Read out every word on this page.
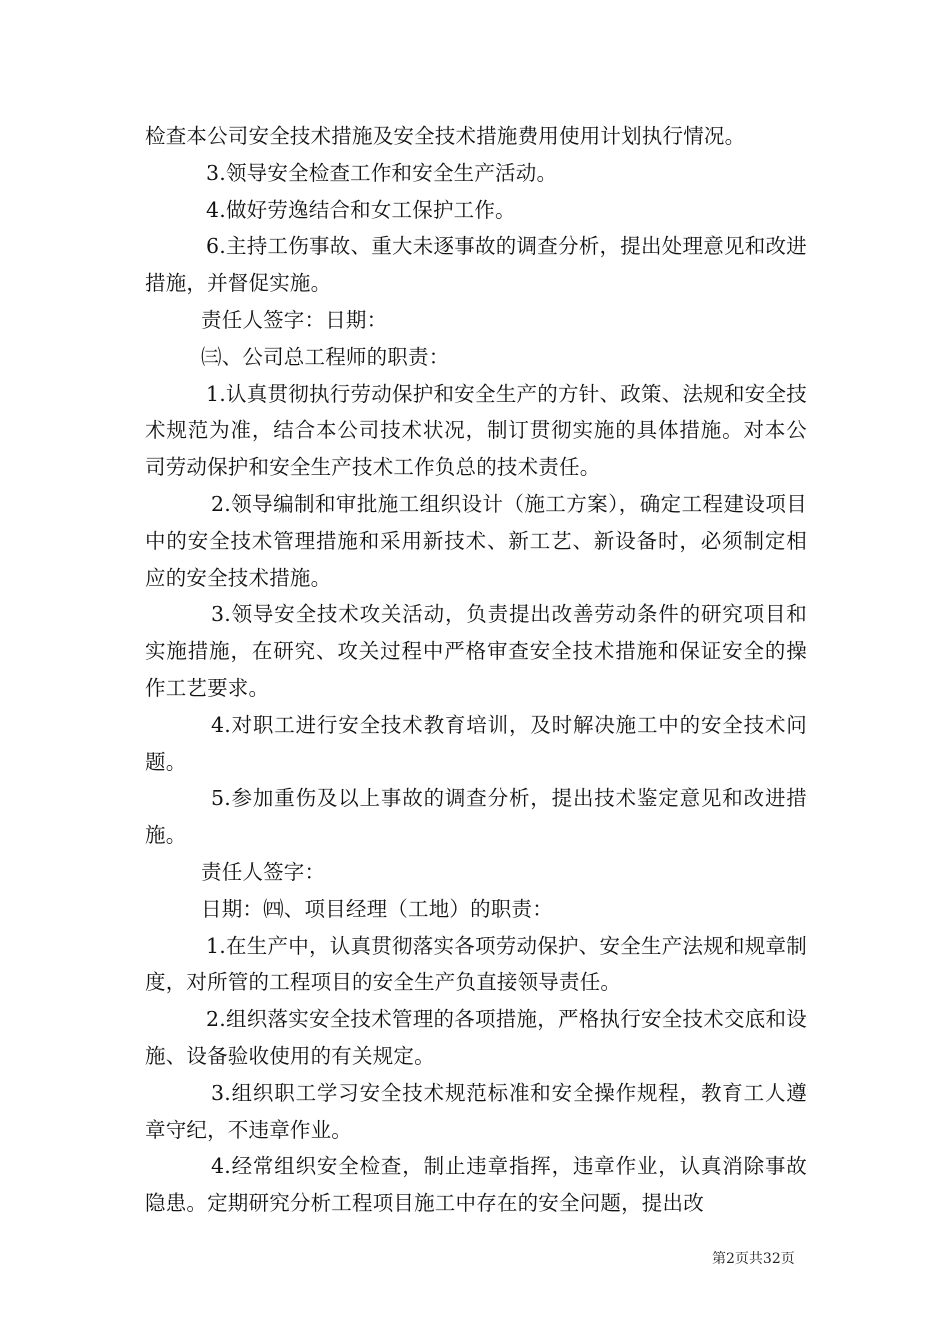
检查本公司安全技术措施及安全技术措施费用使用计划执行情况。

3.领导安全检查工作和安全生产活动。

4.做好劳逸结合和女工保护工作。

6.主持工伤事故、重大未逐事故的调查分析，提出处理意见和改进措施，并督促实施。

责任人签字：日期：

㈢、公司总工程师的职责：

1.认真贯彻执行劳动保护和安全生产的方针、政策、法规和安全技术规范为准，结合本公司技术状况，制订贯彻实施的具体措施。对本公司劳动保护和安全生产技术工作负总的技术责任。

2.领导编制和审批施工组织设计（施工方案），确定工程建设项目中的安全技术管理措施和采用新技术、新工艺、新设备时，必须制定相应的安全技术措施。

3.领导安全技术攻关活动，负责提出改善劳动条件的研究项目和实施措施，在研究、攻关过程中严格审查安全技术措施和保证安全的操作工艺要求。

4.对职工进行安全技术教育培训，及时解决施工中的安全技术问题。

5.参加重伤及以上事故的调查分析，提出技术鉴定意见和改进措施。

责任人签字：

日期：㈣、项目经理（工地）的职责：

1.在生产中，认真贯彻落实各项劳动保护、安全生产法规和规章制度，对所管的工程项目的安全生产负直接领导责任。

2.组织落实安全技术管理的各项措施，严格执行安全技术交底和设施、设备验收使用的有关规定。

3.组织职工学习安全技术规范标准和安全操作规程，教育工人遵章守纪，不违章作业。

4.经常组织安全检查，制止违章指挥，违章作业，认真消除事故隐患。定期研究分析工程项目施工中存在的安全问题，提出改

第2页共32页
